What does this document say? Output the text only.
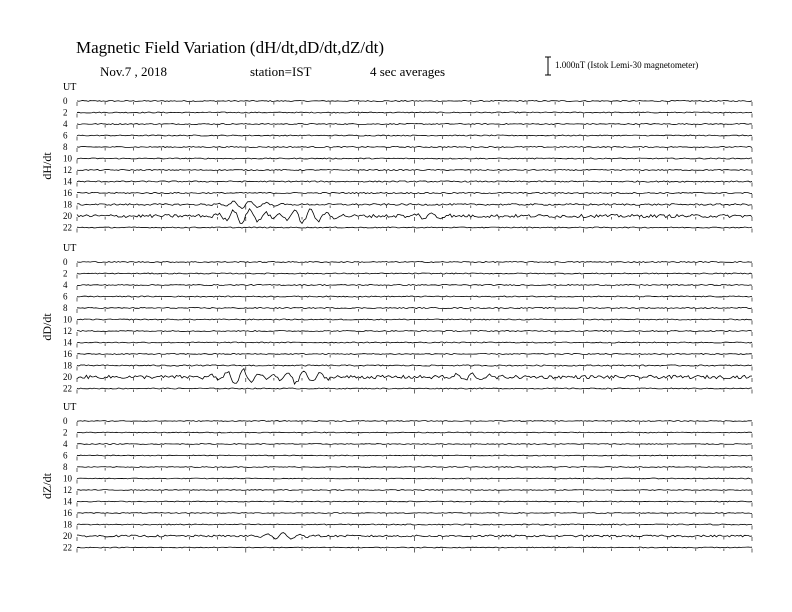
Magnetic Field Variation (dH/dt,dD/dt,dZ/dt)
Nov.7 , 2018	station=IST	4 sec averages	1.000nT (Istok Lemi-30 magnetometer)
UT
dH/dt
0
2
4
6
8
10
12
14
16
18
20
22
UT
dD/dt
0
2
4
6
8
10
12
14
16
18
20
22
UT
dZ/dt
0
2
4
6
8
10
12
14
16
18
20
22
